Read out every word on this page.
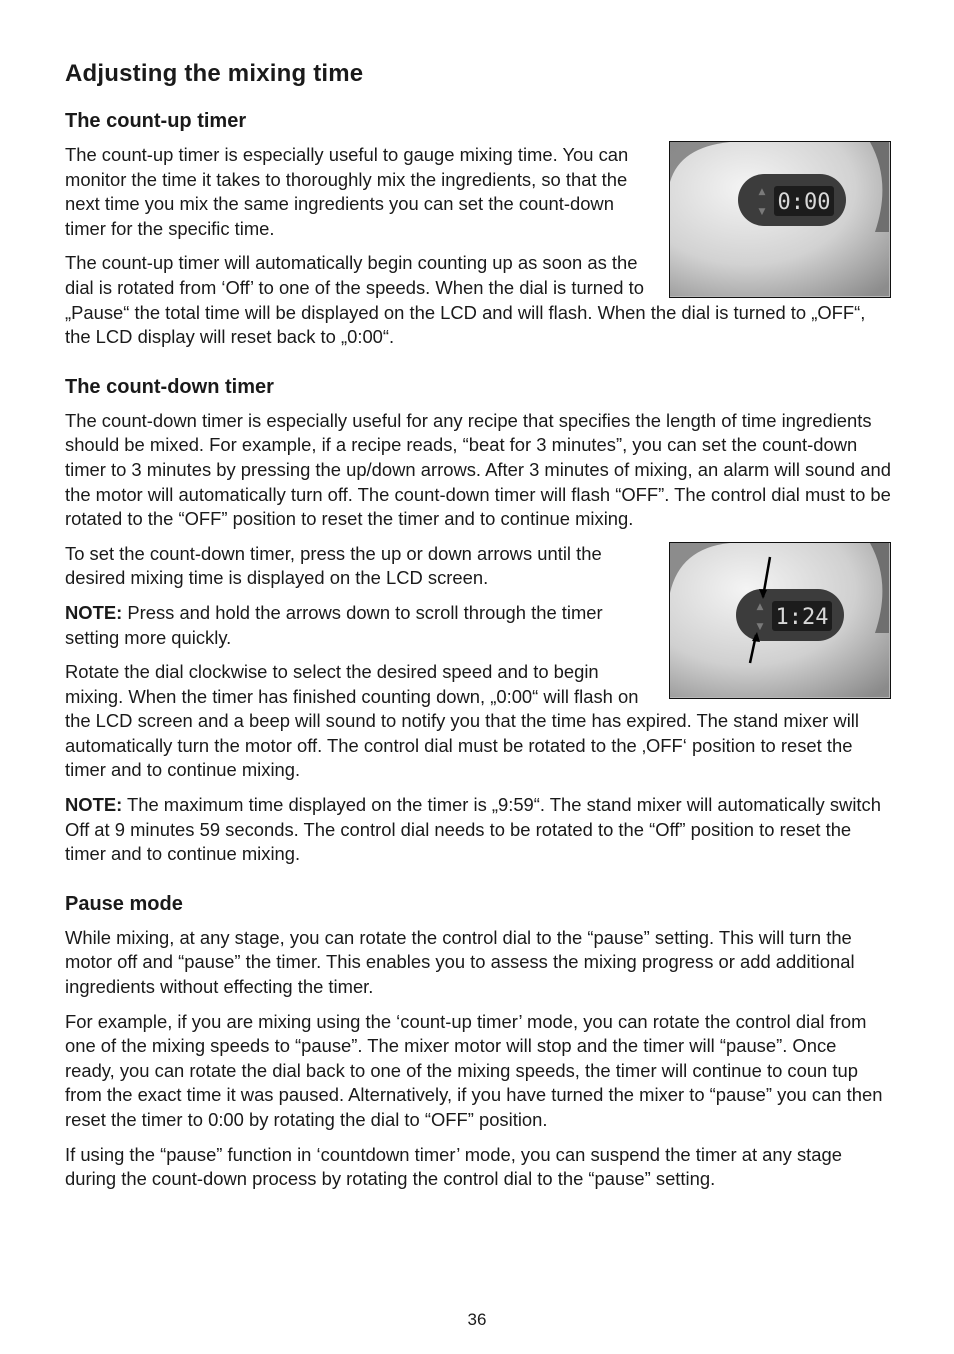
Adjusting the mixing time
The count-up timer
▲
▼ 0:00

The count-up timer is especially useful to gauge mixing time. You can monitor the time it takes to thoroughly mix the ingredients, so that the next time you mix the same ingredients you can set the count-down timer for the specific time.

The count-up timer will automatically begin counting up as soon as the dial is rotated from ‘Off’ to one of the speeds. When the dial is turned to „Pause“ the total time will be displayed on the LCD and will flash. When the dial is turned to „OFF“, the LCD display will reset back to „0:00“.

The count-down timer

The count-down timer is especially useful for any recipe that specifies the length of time ingredients should be mixed. For example, if a recipe reads, “beat for 3 minutes”, you can set the count-down timer to 3 minutes by pressing the up/down arrows. After 3 minutes of mixing, an alarm will sound and the motor will automatically turn off. The count-down timer will flash “OFF”. The control dial must to be rotated to the “OFF” position to reset the timer and to continue mixing.

▲
▼ 1:24

To set the count-down timer, press the up or down arrows until the desired mixing time is displayed on the LCD screen.

NOTE: Press and hold the arrows down to scroll through the timer setting more quickly.

Rotate the dial clockwise to select the desired speed and to begin mixing. When the timer has finished counting down, „0:00“ will flash on the LCD screen and a beep will sound to notify you that the time has expired. The stand mixer will automatically turn the motor off. The control dial must be rotated to the ‚OFF‘ position to reset the timer and to continue mixing.

NOTE: The maximum time displayed on the timer is „9:59“. The stand mixer will automatically switch Off at 9 minutes 59 seconds. The control dial needs to be rotated to the “Off” position to reset the timer and to continue mixing.

Pause mode

While mixing, at any stage, you can rotate the control dial to the “pause” setting. This will turn the motor off and “pause” the timer. This enables you to assess the mixing progress or add additional ingredients without effecting the timer.

For example, if you are mixing using the ‘count-up timer’ mode, you can rotate the control dial from one of the mixing speeds to “pause”. The mixer motor will stop and the timer will “pause”. Once ready, you can rotate the dial back to one of the mixing speeds, the timer will continue to coun tup from the exact time it was paused. Alternatively, if you have turned the mixer to “pause” you can then reset the timer to 0:00 by rotating the dial to “OFF” position.

If using the “pause” function in ‘countdown timer’ mode, you can suspend the timer at any stage during the count-down process by rotating the control dial to the “pause” setting.

36
